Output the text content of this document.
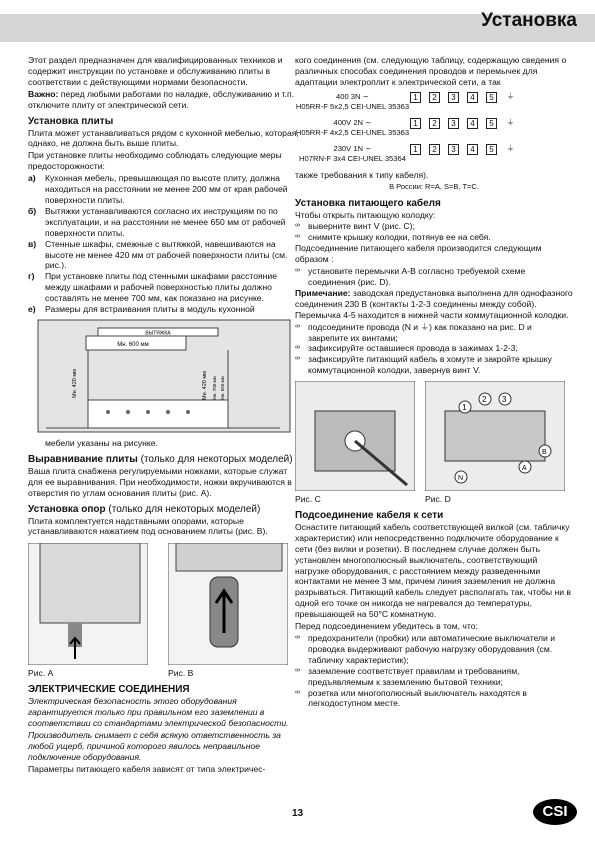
Установка

Этот раздел предназначен для квалифицированных техников и содержит инструкции по установке и обслуживанию плиты в соответствии с действующими нормами безопасности.

Важно: перед любыми работами по наладке, обслуживанию и т.п. отключите плиту от электрической сети.

Установка плиты

Плита может устанавливаться рядом с кухонной мебелью, которая, однако, не должна быть выше плиты.

При установке плиты необходимо соблюдать следующие меры предосторожности:

а)	Кухонная мебель, превышающая по высоте плиту, должна находиться на расстоянии не менее 200 мм от края рабочей поверхности плиты.
б)	Вытяжки устанавливаются согласно их инструкциям по по эксплуатации, и на расстоянии не менее 650 мм от рабочей поверхности плиты.
в)	Стенные шкафы, смежные с вытяжкой, навешиваются на высоте не менее 420 мм от рабочей поверхности плиты (см. рис.).
г)	При установке плиты под стенными шкафами расстояние между шкафами и рабочей поверхностью плиты должно составлять не менее 700 мм, как показано на рисунке.
е)	Размеры для встраивания плиты в модуль кухонной
ВЫТЯЖКА
Мн. 600 мм
Мн. 420 мм	Мн. 420 мм Мн. 700 мм Мн. 650 мм

мебели указаны на рисунке.

Выравнивание плиты (только для некоторых моделей)

Ваша плита снабжена регулируемыми ножками, которые служат для ее выравнивания. При необходимости, ножки вкручиваются в отверстия по углам основания плиты (рис. А).

Установка опор (только для некоторых моделей)

Плита комплектуется надставными опорами, которые устанавливаются нажатием под основанием плиты (рис. В).

Рис. A	Рис. B
ЭЛЕКТРИЧЕСКИЕ СОЕДИНЕНИЯ

Электрическая безопасность этого оборудования гарантируется только при правильном его заземлении в соответствии со стандартами электрической безопасности.

Производитель снимает с себя всякую ответственность за любой ущерб, причиной которого явилось неправильное подключение оборудования.

Параметры питающего кабеля зависят от типа электричес-

кого соединения (см. следующую таблицу, содержащую сведения о различных способах соединения проводов и перемычек для адаптации электроплит к электрической сети, а так

400 3N ∼
H05RR-F 5x2,5 CEI-UNEL 35363
1	2	3	4	5	⏚
400V 2N ∼
H05RR-F 4x2,5 CEI-UNEL 35363
1	2	3	4	5	⏚
230V 1N ∼
H07RN-F 3x4 CEI-UNEL 35364
1	2	3	4	5	⏚

также требования к типу кабеля).

В России: R=A, S=B, T=C.

Установка питающего кабеля

Чтобы открыть питающую колодку:

∞ выверните винт V (рис. C);
∞ снимите крышку колодки, потянув ее на себя.

Подсоединение питающего кабеля производится следующим образом :

∞ установите перемычки A-B согласно требуемой схеме соединения (рис. D).

Примечание: заводская предустановка выполнена для однофазного соединения 230 В (контакты 1-2-3 соединены между собой). Перемычка 4-5 находится в нижней части коммутационной колодки.

∞ подсоедините провода (N и ⏚) как показано на рис. D и закрепите их винтами;
∞ зафиксируйте оставшиеся провода в зажимах 1-2-3;
∞ зафиксируйте питающий кабель в хомуте и закройте крышку коммутационной колодки, завернув винт V.
Рис. C
1
2 3
N
A
B
Рис. D
Подсоединение кабеля к сети

Оснастите питающий кабель соответствующей вилкой (см. табличку характеристик) или непосредственно подключите оборудование к сети (без вилки и розетки). В последнем случае должен быть установлен многополюсный выключатель, соответствующий нагрузке оборудования, с расстоянием между разведенными контактами не менее 3 мм, причем линия заземления не должна разрываться. Питающий кабель следует располагать так, чтобы ни в одной его точке он никогда не нагревался до температуры, превышающей на 50°С комнатную.

Перед подсоединением убедитесь в том, что:

∞ предохранители (пробки) или автоматические выключатели и проводка выдерживают рабочую нагрузку оборудования (см. табличку характеристик);
∞ заземление соответствует правилам и требованиям, предъявляемым к заземлению бытовой техники;
∞ розетка или многополюсный выключатель находятся в легкодоступном месте.
13	CSI
